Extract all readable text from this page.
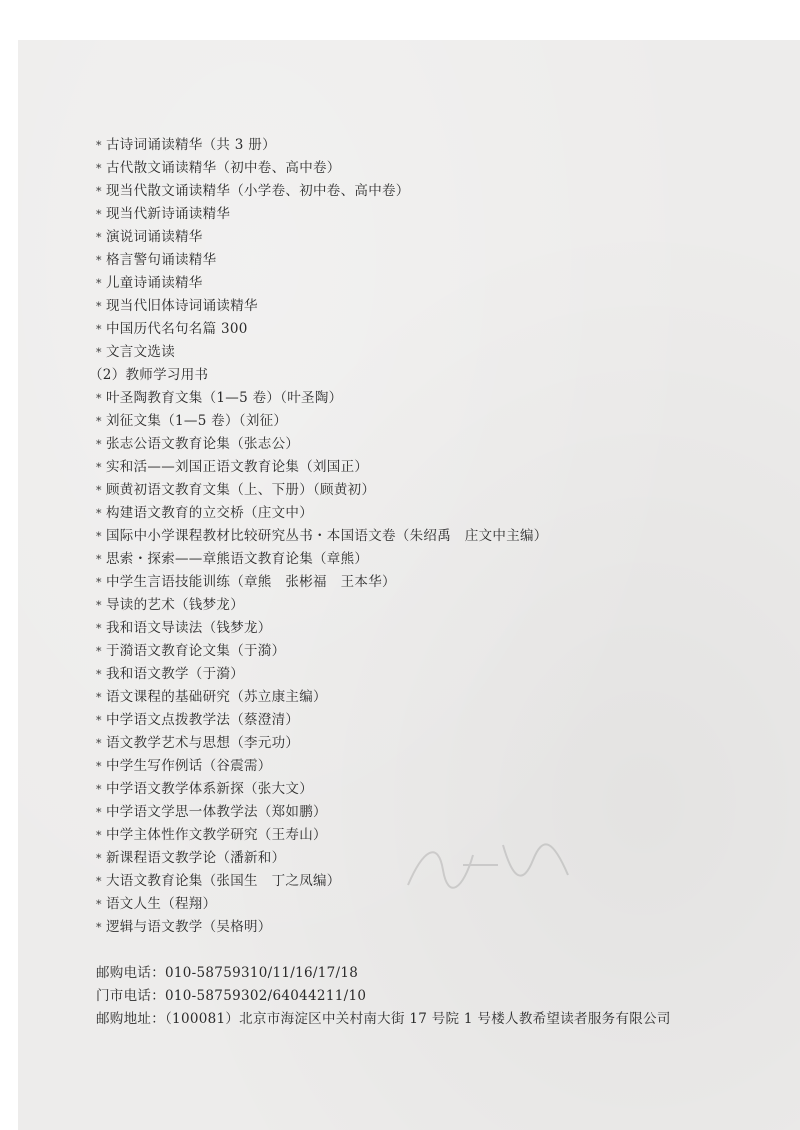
* 古诗词诵读精华（共 3 册）
* 古代散文诵读精华（初中卷、高中卷）
* 现当代散文诵读精华（小学卷、初中卷、高中卷）
* 现当代新诗诵读精华
* 演说词诵读精华
* 格言警句诵读精华
* 儿童诗诵读精华
* 现当代旧体诗词诵读精华
* 中国历代名句名篇 300
* 文言文选读
（2）教师学习用书
* 叶圣陶教育文集（1—5 卷）（叶圣陶）
* 刘征文集（1—5 卷）（刘征）
* 张志公语文教育论集（张志公）
* 实和活——刘国正语文教育论集（刘国正）
* 顾黄初语文教育文集（上、下册）（顾黄初）
* 构建语文教育的立交桥（庄文中）
* 国际中小学课程教材比较研究丛书・本国语文卷（朱绍禹　庄文中主编）
* 思索・探索——章熊语文教育论集（章熊）
* 中学生言语技能训练（章熊　张彬福　王本华）
* 导读的艺术（钱梦龙）
* 我和语文导读法（钱梦龙）
* 于漪语文教育论文集（于漪）
* 我和语文教学（于漪）
* 语文课程的基础研究（苏立康主编）
* 中学语文点拨教学法（蔡澄清）
* 语文教学艺术与思想（李元功）
* 中学生写作例话（谷震需）
* 中学语文教学体系新探（张大文）
* 中学语文学思一体教学法（郑如鹏）
* 中学主体性作文教学研究（王寿山）
* 新课程语文教学论（潘新和）
* 大语文教育论集（张国生　丁之凤编）
* 语文人生（程翔）
* 逻辑与语文教学（吴格明）
邮购电话：010-58759310/11/16/17/18
门市电话：010-58759302/64044211/10
邮购地址：（100081）北京市海淀区中关村南大街 17 号院 1 号楼人教希望读者服务有限公司
